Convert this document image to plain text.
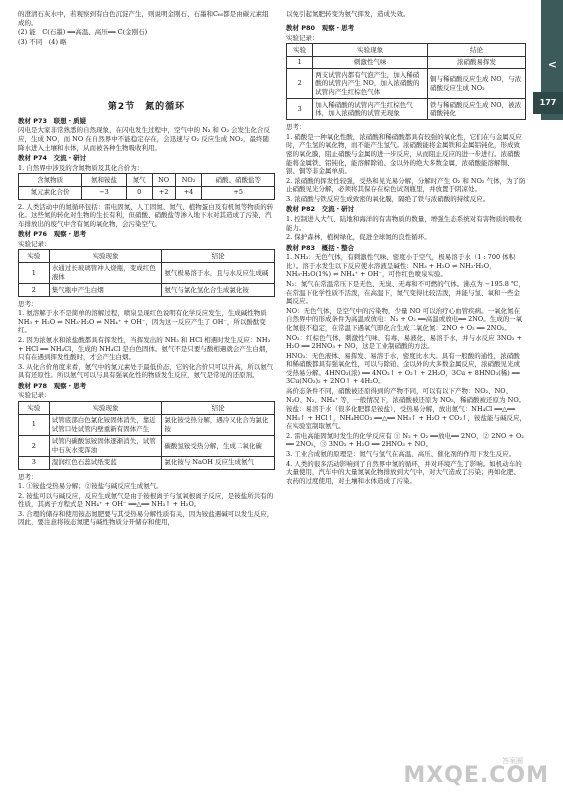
<
177

的澄清石灰水中，若观察到有白色沉淀产生，则说明金刚石、石墨和C₆₀都是由碳元素组成的。

(2) 能　C(石墨) ══高温、高压══ C(金刚石)

(3) 不同　(4) 略

以免引起氮肥转变为氨气挥发，造成失效。

第2节　氮的循环

教材 P73　联想・质疑

闪电是大家非常熟悉的自然现象，在闪电发生过程中，空气中的 N₂ 和 O₂ 会发生化合反应，生成 NO，而 NO 在自然界中不能稳定存在，会迅速与 O₂ 反应生成 NO₂，最终随降水进入土壤和水体，从而被各种生物吸收利用。

教材 P74　交流・研讨

1. 自然界中涉及的含氮物质及其化合价为：

含氮物质	氨和铵盐	氮气	NO	NO₂	硝酸、硝酸盐等
氮元素化合价	−3	0	+2	+4	+5

2. 人类活动中的氮循环包括：雷电固氮、人工固氮、氮气、植物蛋白及有机氮等物质的转化。这些氮的转化对生物的生长有利，但硝酸、硝酸盐等渗入地下水对其造成了污染，汽车排放出的废气中含有氮的氧化物，会污染空气。

教材 P76　观察・思考

实验记录：

实验	实验现象	结论
1	水通过长玻璃管冲入烧瓶，变成红色液体	氨气极易溶于水，且与水反应生成碱
2	集气瓶中产生白烟	氨气与氯化氢化合生成氯化铵

思考：

1. 氨溶解于水不是简单的溶解过程，喷泉呈现红色说明有化学反应发生，生成碱性物质 NH₃ + H₂O ⇌ NH₃·H₂O ⇌ NH₄⁺ + OH⁻，因为这一反应产生了 OH⁻，所以酚酞变红。

2. 因为浓氨水和浓盐酸都具有挥发性，当挥发出的 NH₃ 和 HCl 相遇时发生反应：NH₃ + HCl ══ NH₄Cl，生成的 NH₄Cl 是白色固体。氨气不是只要与酸相遇就会产生白烟，只有在遇到挥发性酸时，才会产生白烟。

3. 从化合价角度来看，氨气中的氮元素处于最低价态，它的化合价只可以升高，所以氨气具有还原性。所以氨气可以与具有强氧化性的物质发生反应，氨气是常见的还原剂。

教材 P78　观察・思考

实验记录：

实验	实验现象	结论
1	试管底部白色氯化铵固体消失，靠近试管口处试管内壁重新有固体产生	氯化铵受热分解，遇冷又化合为氯化铵
2	试管内碳酸氢铵固体逐渐消失，试管中石灰水变浑浊	碳酸氢铵受热分解，生成二氧化碳
3	湿润红色石蕊试纸变蓝	氯化铵与 NaOH 反应生成氨气

思考：

1. ①铵盐受热易分解；②铵盐与碱反应生成氨气。

2. 铵盐可以与碱反应，反应生成氨气是由于铵根离子与氢氧根离子反应，是铵盐所共有的性质，其离子方程式是 NH₄⁺ + OH⁻ ══△══ NH₃↑ + H₂O。

3. 合理的储存和使用铵态氮肥要与其受热易分解性质有关，因为铵盐遇碱可以发生反应，因此，要注意将铵态氮肥与碱性物质分开储存和使用，

教材 P80　观察・思考

实验记录：

实验	实验现象	结论
1	刺激性气味	浓硝酸易挥发
2	两支试管内都有气泡产生，加入稀硝酸的试管内产生 NO，加入浓硝酸的试管内产生红棕色气体	铜与稀硝酸反应生成 NO，与浓硝酸反应生成 NO₂
3	加入稀硝酸的试管内产生红棕色气体，加入浓硝酸的试管无现象	铁与稀硝酸反应生成 NO，被浓硝酸钝化

思考：

1. 硝酸是一种氧化性酸，浓硝酸和稀硝酸都具有较强的氧化性，它们在与金属反应时，产生氢的氧化物，而不能产生氢气。浓硝酸能将金属铁和金属铝钝化，形成致密的氧化膜，阻止硝酸与金属的进一步反应，从而阻止反应的进一步进行。浓硝酸能将金属铁、铝钝化，能溶解除铂、金以外的绝大多数金属，浓硝酸能溶解铜、银、铜等非金属单质。

2. 浓硝酸的挥发性较强，受热和见光易分解，分解时产生 O₂ 和 NO₂ 气体，为了防止硝酸见光分解，必须将其保存在棕色试剂瓶里，并放置于阴凉处。

3. 浓硝酸与铁反应生成致密的氧化膜，隔绝了铁与浓硝酸的持续反应。

教材 P82　交流・研讨

1. 控制进入大气、陆地和海洋的有害物质的数量，增强生态系统对有害物质的吸收能力。

2. 保护森林，植树绿化，促进全球氮的良性循环。

教材 P83　概括・整合

1. NH₃：无色气体，有刺激性气味、密度小于空气，极易溶于水（1 : 700 体积比）。溶于水发生以下反应使水溶液呈碱性：NH₃ + H₂O ⇌ NH₃·H₂O，NH₃·H₂O(1%) ⇌ NH₄⁺ + OH⁻，可作红色喷泉实验。

N₂：氮气在常温常压下是无色、无臭、无毒和不可燃的气体。沸点为 −195.8 ℃，在常温下化学性质不活泼，在高温下，氮气变得比较活泼，并能与氢、氧和一些金属反应。

NO：无色气体，是空气中的污染物，少量 NO 可以治疗心血管疾病。一氧化氮在自然界中的形成条件为高温或放电：N₂ + O₂ ══高温或放电══ 2NO。生成的一氧化氮很不稳定，在常温下遇氧气即化合生成二氧化氮：2NO + O₂ ══ 2NO₂。

NO₂：红棕色气体，刺激性气味、有毒、易液化、易溶于水，并与水反应 3NO₂ + H₂O ══ 2HNO₃ + NO，这是工业制硝酸的方法。

HNO₃：无色液体、易挥发、易溶于水，密度比水大。具有一般酸的通性，浓硝酸和稀硝酸都具有强氧化性，可以与除铂、金以外的大多数金属反应，浓硝酸见光或受热易分解。4HNO₃(浓) ══ 4NO₂↑ + O₂↑ + 2H₂O，3Cu + 8HNO₃(稀) ══ 3Cu(NO₃)₂ + 2NO↑ + 4H₂O。

高价态条件不同，硝酸被还原得到的产物不同，可以有以下产物：NO₂、NO、N₂O、N₂、NH₄⁺ 等，一般情况下，浓硝酸被还原为 NO₂，稀硝酸被还原为 NO。

铵盐：易溶于水（很多化肥都是铵盐），受热易分解，放出氨气：NH₄Cl ══△══ NH₃↑ + HCl↑，NH₄HCO₃ ══△══ NH₃↑ + H₂O + CO₂↑，铵盐能与碱反应，在实验室制取氨气。

2. 雷电高能固氮时发生的化学反应有 ① N₂ + O₂ ══放电══ 2NO，② 2NO + O₂ ══ 2NO₂，③ 3NO₂ + H₂O ══ 2HNO₃ + NO。

3. 工业合成氨的原理是：氮气与氢气在高温、高压、催化剂的作用下发生反应。

4. 人类的很多活动影响到了自然界中氮的循环，并对环境产生了影响。如机动车的大量使用，汽车中的大量氮氧化物排放到大气中，对大气造成了污染；再如化肥、农药的过度使用，对土壤和水体造成了污染。

答案圈
MXQE.COM
